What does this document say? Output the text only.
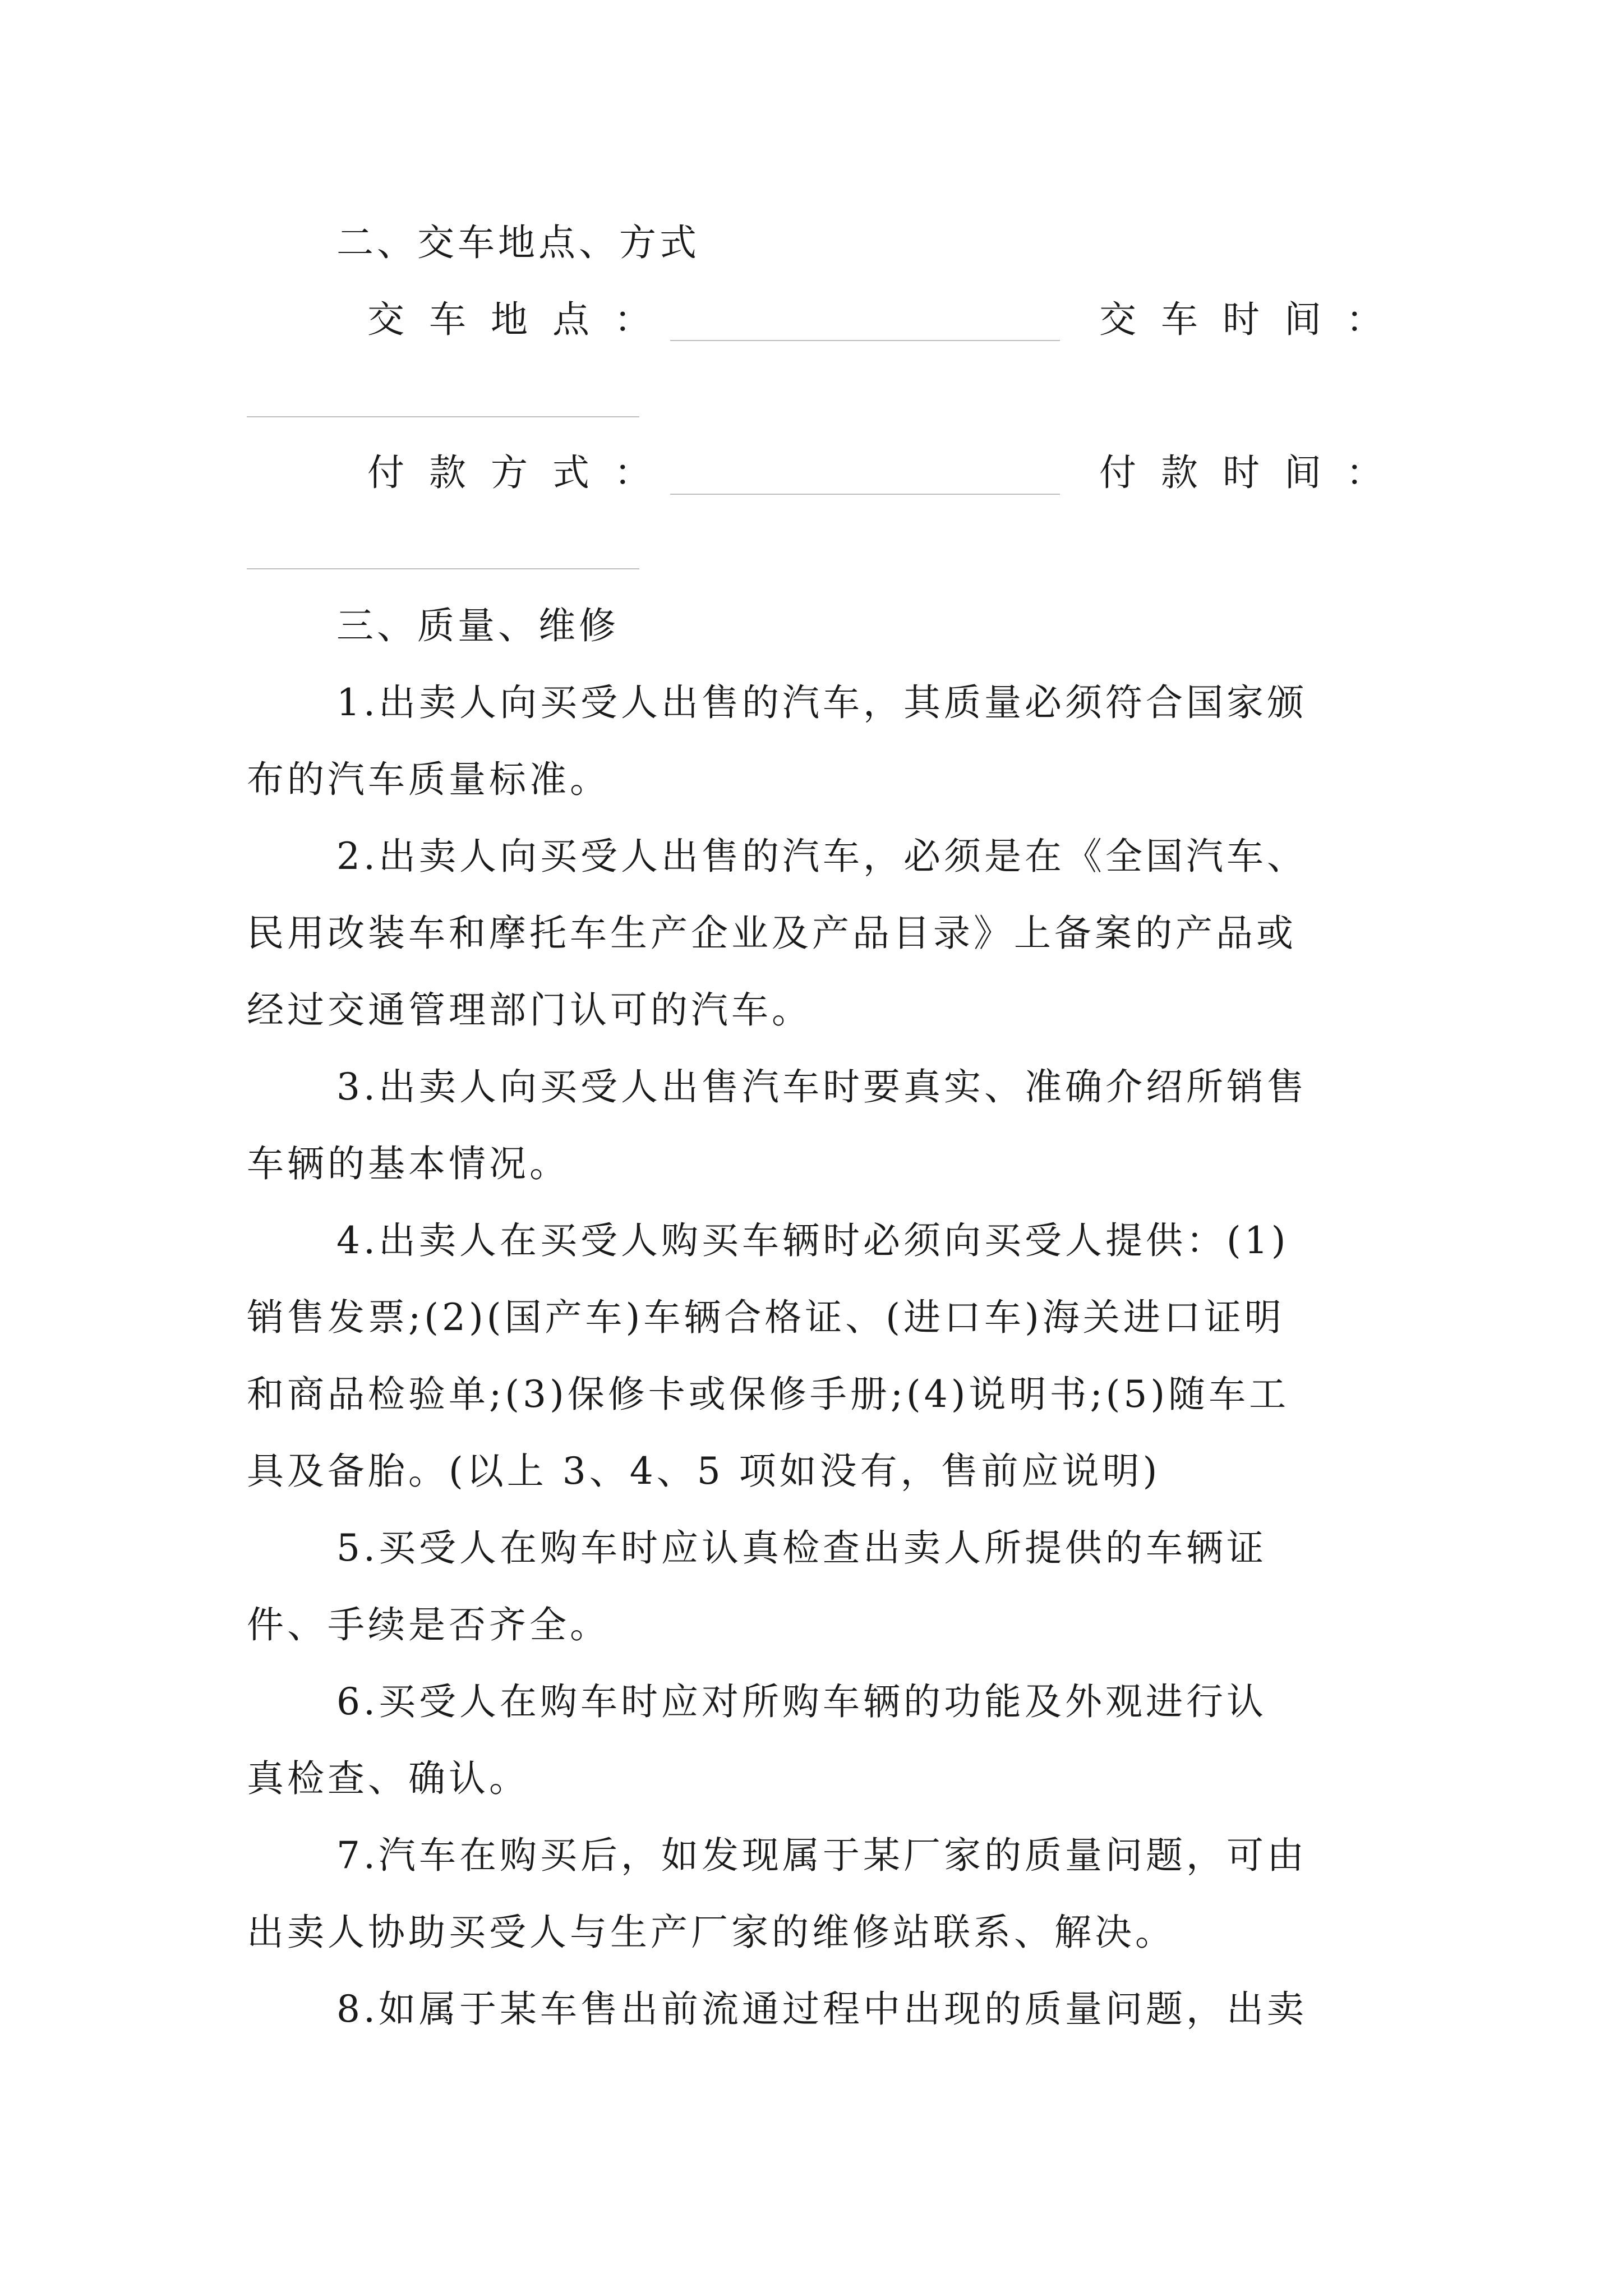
二、交车地点、方式
交车地点：	交车时间：
付款方式：	付款时间：
三、质量、维修
1.出卖人向买受人出售的汽车，其质量必须符合国家颁
布的汽车质量标准。
2.出卖人向买受人出售的汽车，必须是在《全国汽车、
民用改装车和摩托车生产企业及产品目录》上备案的产品或
经过交通管理部门认可的汽车。
3.出卖人向买受人出售汽车时要真实、准确介绍所销售
车辆的基本情况。
4.出卖人在买受人购买车辆时必须向买受人提供：(1)
销售发票;(2)(国产车)车辆合格证、(进口车)海关进口证明
和商品检验单;(3)保修卡或保修手册;(4)说明书;(5)随车工
具及备胎。(以上 3、4、5 项如没有，售前应说明)
5.买受人在购车时应认真检查出卖人所提供的车辆证
件、手续是否齐全。
6.买受人在购车时应对所购车辆的功能及外观进行认
真检查、确认。
7.汽车在购买后，如发现属于某厂家的质量问题，可由
出卖人协助买受人与生产厂家的维修站联系、解决。
8.如属于某车售出前流通过程中出现的质量问题，出卖
